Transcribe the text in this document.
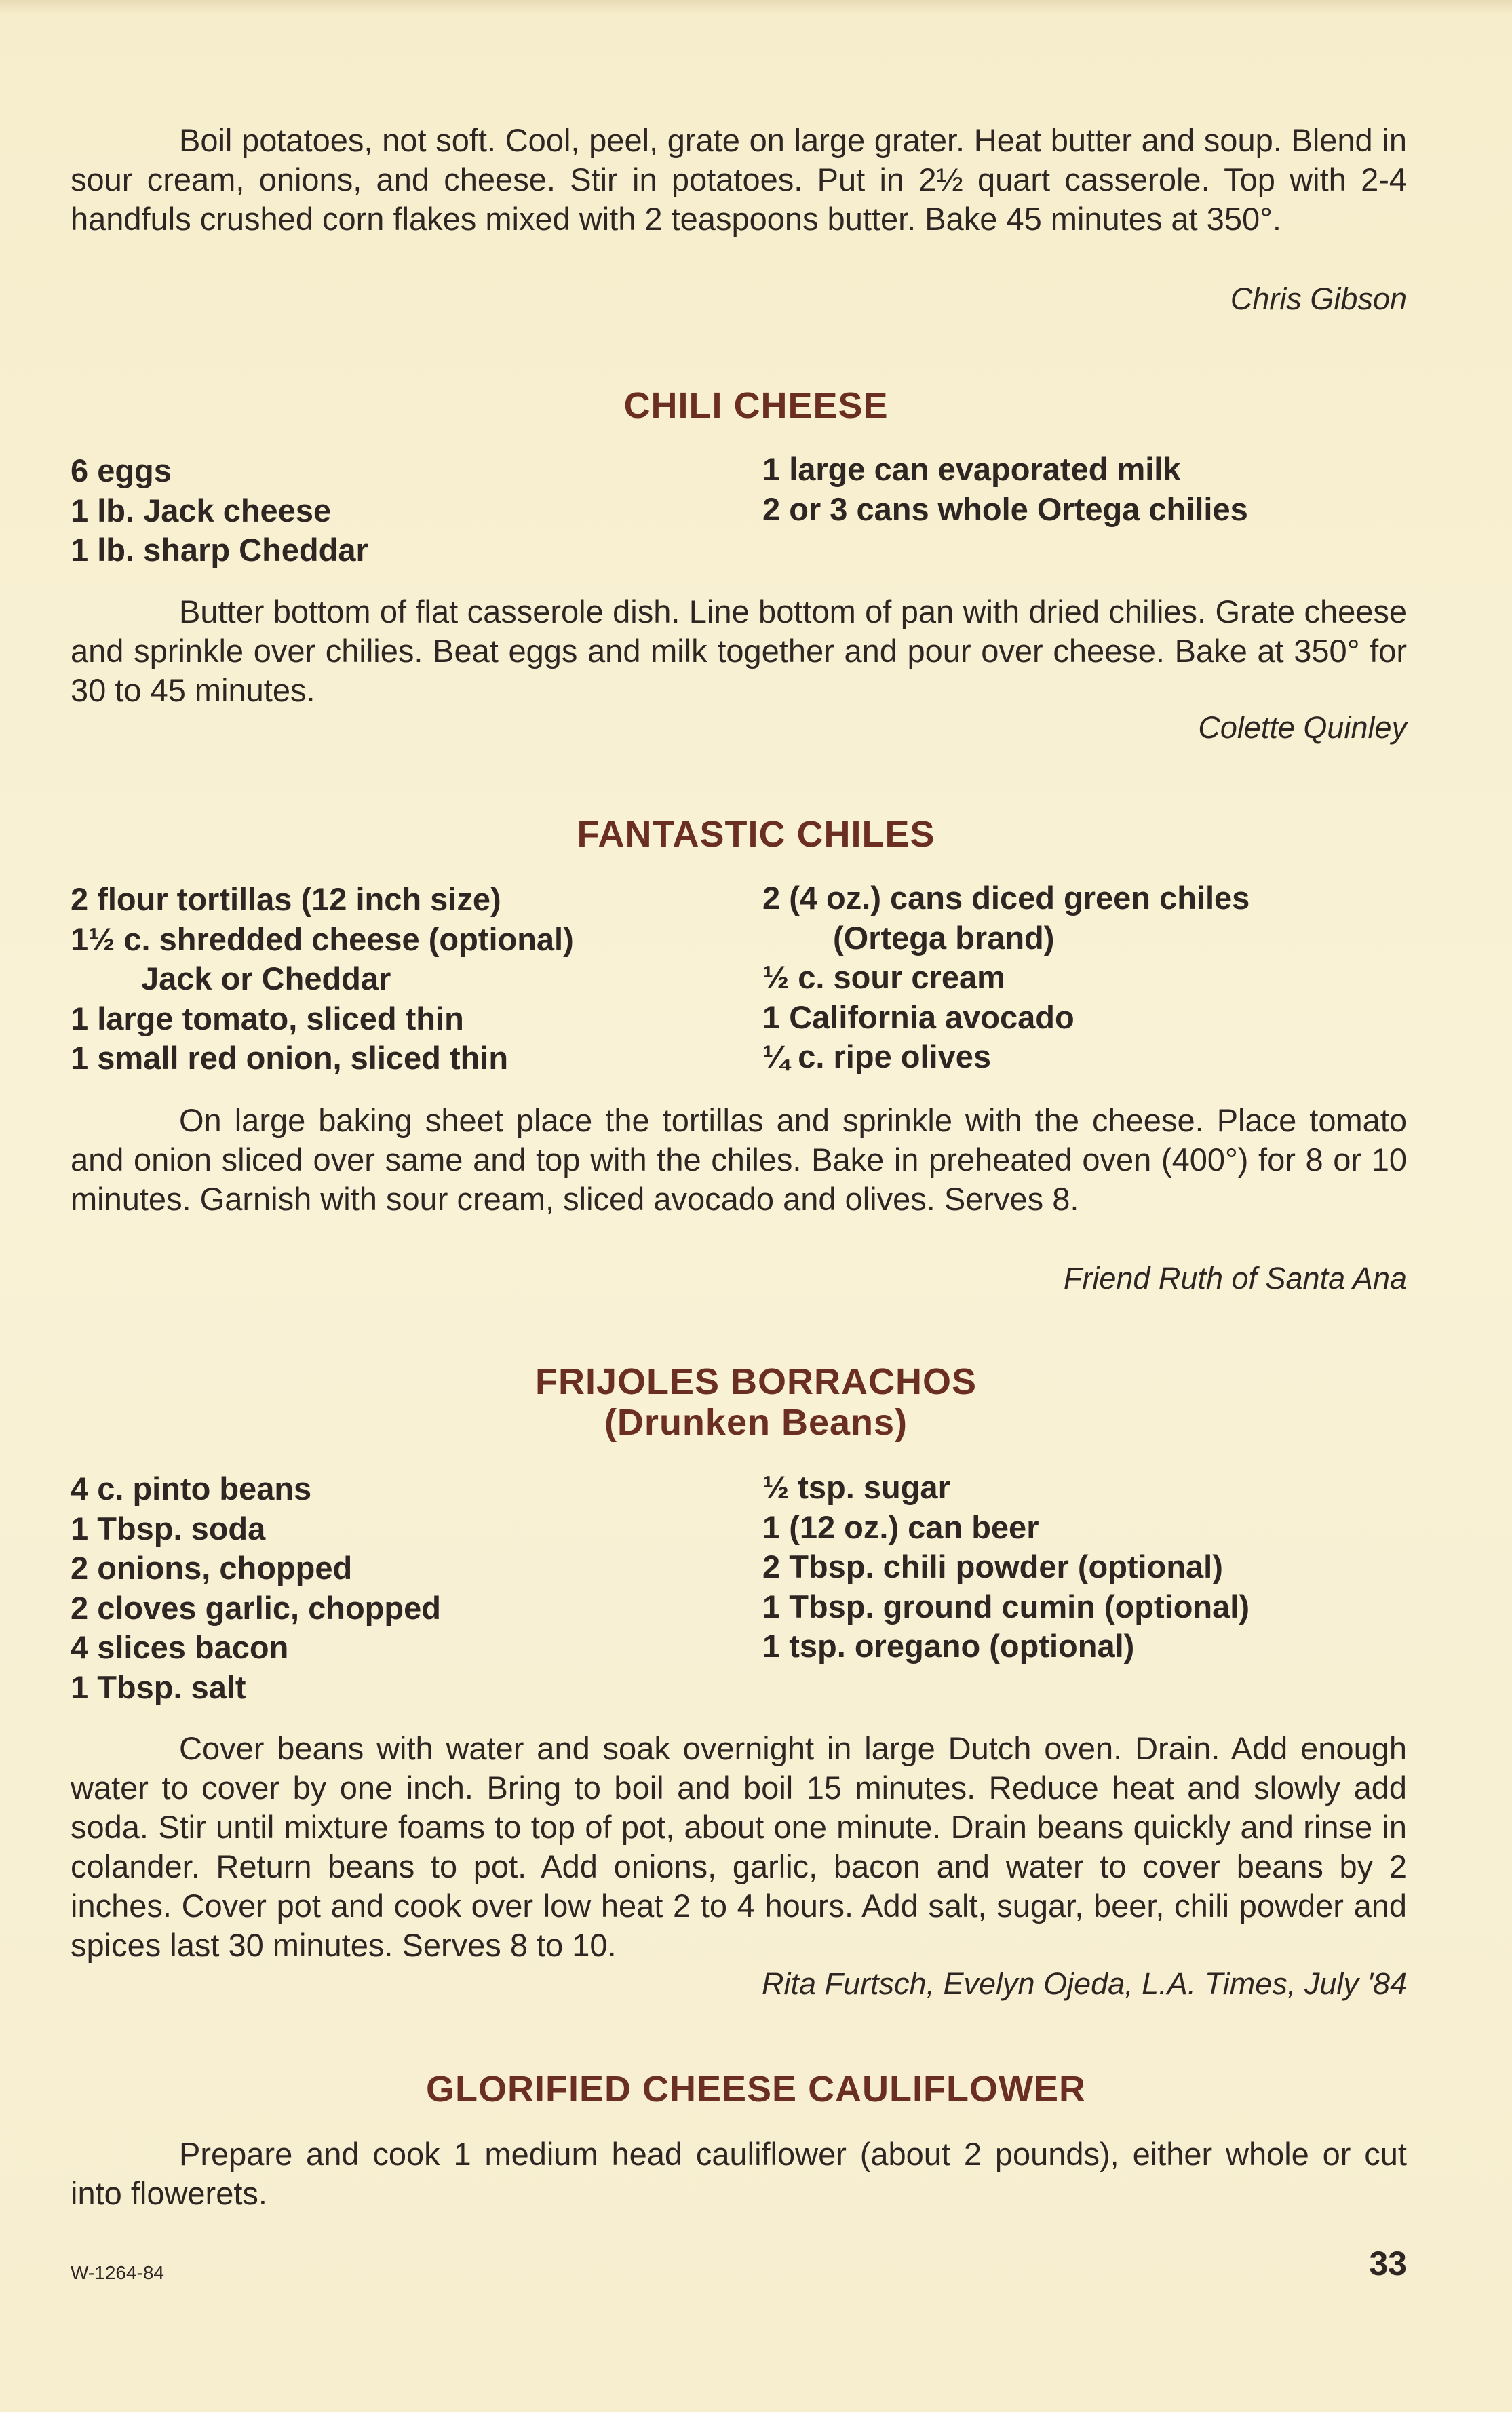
Boil potatoes, not soft. Cool, peel, grate on large grater. Heat butter and soup. Blend in sour cream, onions, and cheese. Stir in potatoes. Put in 2½ quart casserole. Top with 2-4 handfuls crushed corn flakes mixed with 2 teaspoons butter. Bake 45 minutes at 350°.

Chris Gibson

CHILI CHEESE
6 eggs
1 lb. Jack cheese
1 lb. sharp Cheddar
1 large can evaporated milk
2 or 3 cans whole Ortega chilies

Butter bottom of flat casserole dish. Line bottom of pan with dried chilies. Grate cheese and sprinkle over chilies. Beat eggs and milk together and pour over cheese. Bake at 350° for 30 to 45 minutes.

Colette Quinley

FANTASTIC CHILES
2 flour tortillas (12 inch size)
1½ c. shredded cheese (optional)
Jack or Cheddar
1 large tomato, sliced thin
1 small red onion, sliced thin
2 (4 oz.) cans diced green chiles
(Ortega brand)
½ c. sour cream
1 California avocado
¼ c. ripe olives

On large baking sheet place the tortillas and sprinkle with the cheese. Place tomato and onion sliced over same and top with the chiles. Bake in preheated oven (400°) for 8 or 10 minutes. Garnish with sour cream, sliced avocado and olives. Serves 8.

Friend Ruth of Santa Ana

FRIJOLES BORRACHOS
(Drunken Beans)
4 c. pinto beans
1 Tbsp. soda
2 onions, chopped
2 cloves garlic, chopped
4 slices bacon
1 Tbsp. salt
½ tsp. sugar
1 (12 oz.) can beer
2 Tbsp. chili powder (optional)
1 Tbsp. ground cumin (optional)
1 tsp. oregano (optional)

Cover beans with water and soak overnight in large Dutch oven. Drain. Add enough water to cover by one inch. Bring to boil and boil 15 minutes. Reduce heat and slowly add soda. Stir until mixture foams to top of pot, about one minute. Drain beans quickly and rinse in colander. Return beans to pot. Add onions, garlic, bacon and water to cover beans by 2 inches. Cover pot and cook over low heat 2 to 4 hours. Add salt, sugar, beer, chili powder and spices last 30 minutes. Serves 8 to 10.

Rita Furtsch, Evelyn Ojeda, L.A. Times, July '84

GLORIFIED CHEESE CAULIFLOWER

Prepare and cook 1 medium head cauliflower (about 2 pounds), either whole or cut into flowerets.

W-1264-84	33
